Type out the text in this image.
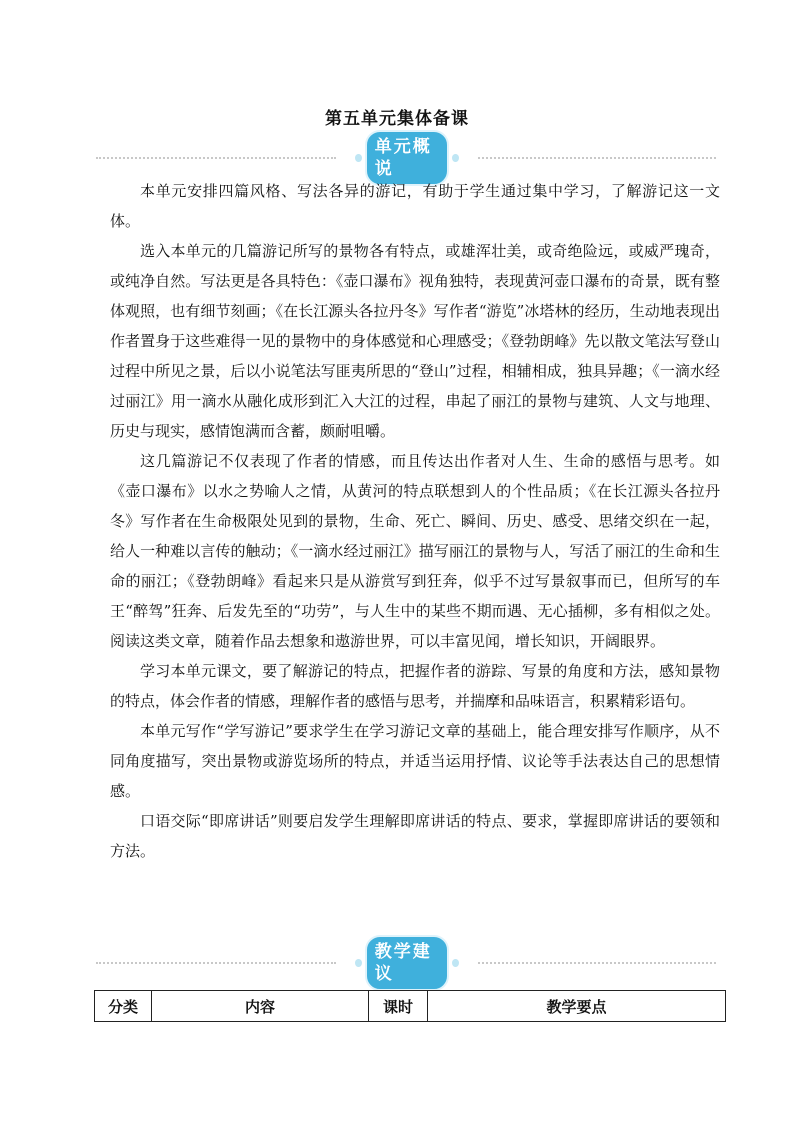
第五单元集体备课
单元概说

本单元安排四篇风格、写法各异的游记，有助于学生通过集中学习，了解游记这一文体。

选入本单元的几篇游记所写的景物各有特点，或雄浑壮美，或奇绝险远，或威严瑰奇，或纯净自然。写法更是各具特色：《壶口瀑布》视角独特，表现黄河壶口瀑布的奇景，既有整体观照，也有细节刻画；《在长江源头各拉丹冬》写作者“游览”冰塔林的经历，生动地表现出作者置身于这些难得一见的景物中的身体感觉和心理感受；《登勃朗峰》先以散文笔法写登山过程中所见之景，后以小说笔法写匪夷所思的“登山”过程，相辅相成，独具异趣；《一滴水经过丽江》用一滴水从融化成形到汇入大江的过程，串起了丽江的景物与建筑、人文与地理、历史与现实，感情饱满而含蓄，颇耐咀嚼。

这几篇游记不仅表现了作者的情感，而且传达出作者对人生、生命的感悟与思考。如《壶口瀑布》以水之势喻人之情，从黄河的特点联想到人的个性品质；《在长江源头各拉丹冬》写作者在生命极限处见到的景物，生命、死亡、瞬间、历史、感受、思绪交织在一起，给人一种难以言传的触动；《一滴水经过丽江》描写丽江的景物与人，写活了丽江的生命和生命的丽江；《登勃朗峰》看起来只是从游赏写到狂奔，似乎不过写景叙事而已，但所写的车王“醉驾”狂奔、后发先至的“功劳”，与人生中的某些不期而遇、无心插柳，多有相似之处。阅读这类文章，随着作品去想象和遨游世界，可以丰富见闻，增长知识，开阔眼界。

学习本单元课文，要了解游记的特点，把握作者的游踪、写景的角度和方法，感知景物的特点，体会作者的情感，理解作者的感悟与思考，并揣摩和品味语言，积累精彩语句。

本单元写作“学写游记”要求学生在学习游记文章的基础上，能合理安排写作顺序，从不同角度描写，突出景物或游览场所的特点，并适当运用抒情、议论等手法表达自己的思想情感。

口语交际“即席讲话”则要启发学生理解即席讲话的特点、要求，掌握即席讲话的要领和方法。

教学建议
分类	内容	课时	教学要点
